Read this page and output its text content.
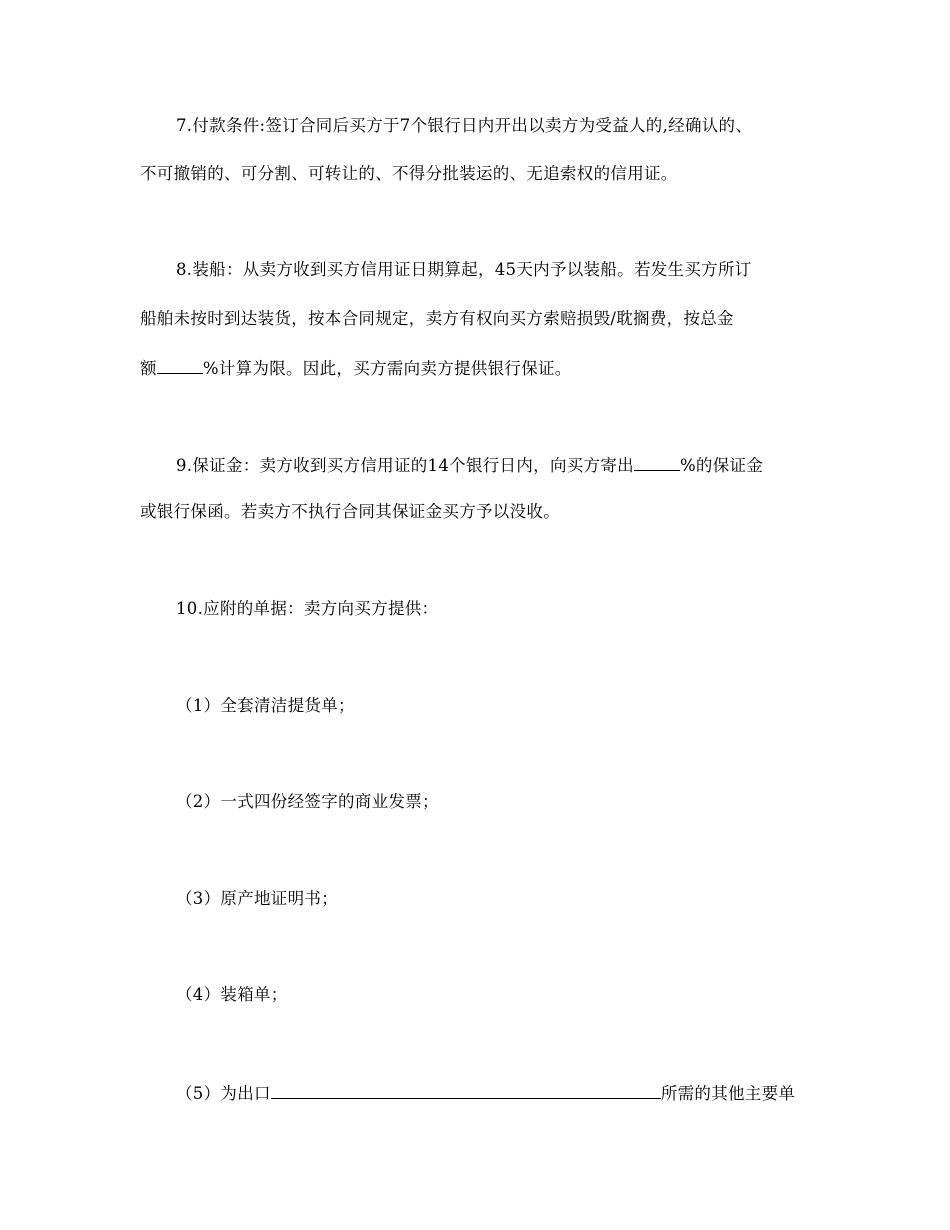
7.付款条件:签订合同后买方于7个银行日内开出以卖方为受益人的,经确认的、
不可撤销的、可分割、可转让的、不得分批装运的、无追索权的信用证。
8.装船：从卖方收到买方信用证日期算起，45天内予以装船。若发生买方所订
船舶未按时到达装货，按本合同规定，卖方有权向买方索赔损毁/耽搁费，按总金
额	%计算为限。因此，买方需向卖方提供银行保证。
9.保证金：卖方收到买方信用证的14个银行日内，向买方寄出	%的保证金
或银行保函。若卖方不执行合同其保证金买方予以没收。
10.应附的单据：卖方向买方提供：
（1）全套清洁提货单；
（2）一式四份经签字的商业发票；
（3）原产地证明书；
（4）装箱单；
（5）为出口	所需的其他主要单
